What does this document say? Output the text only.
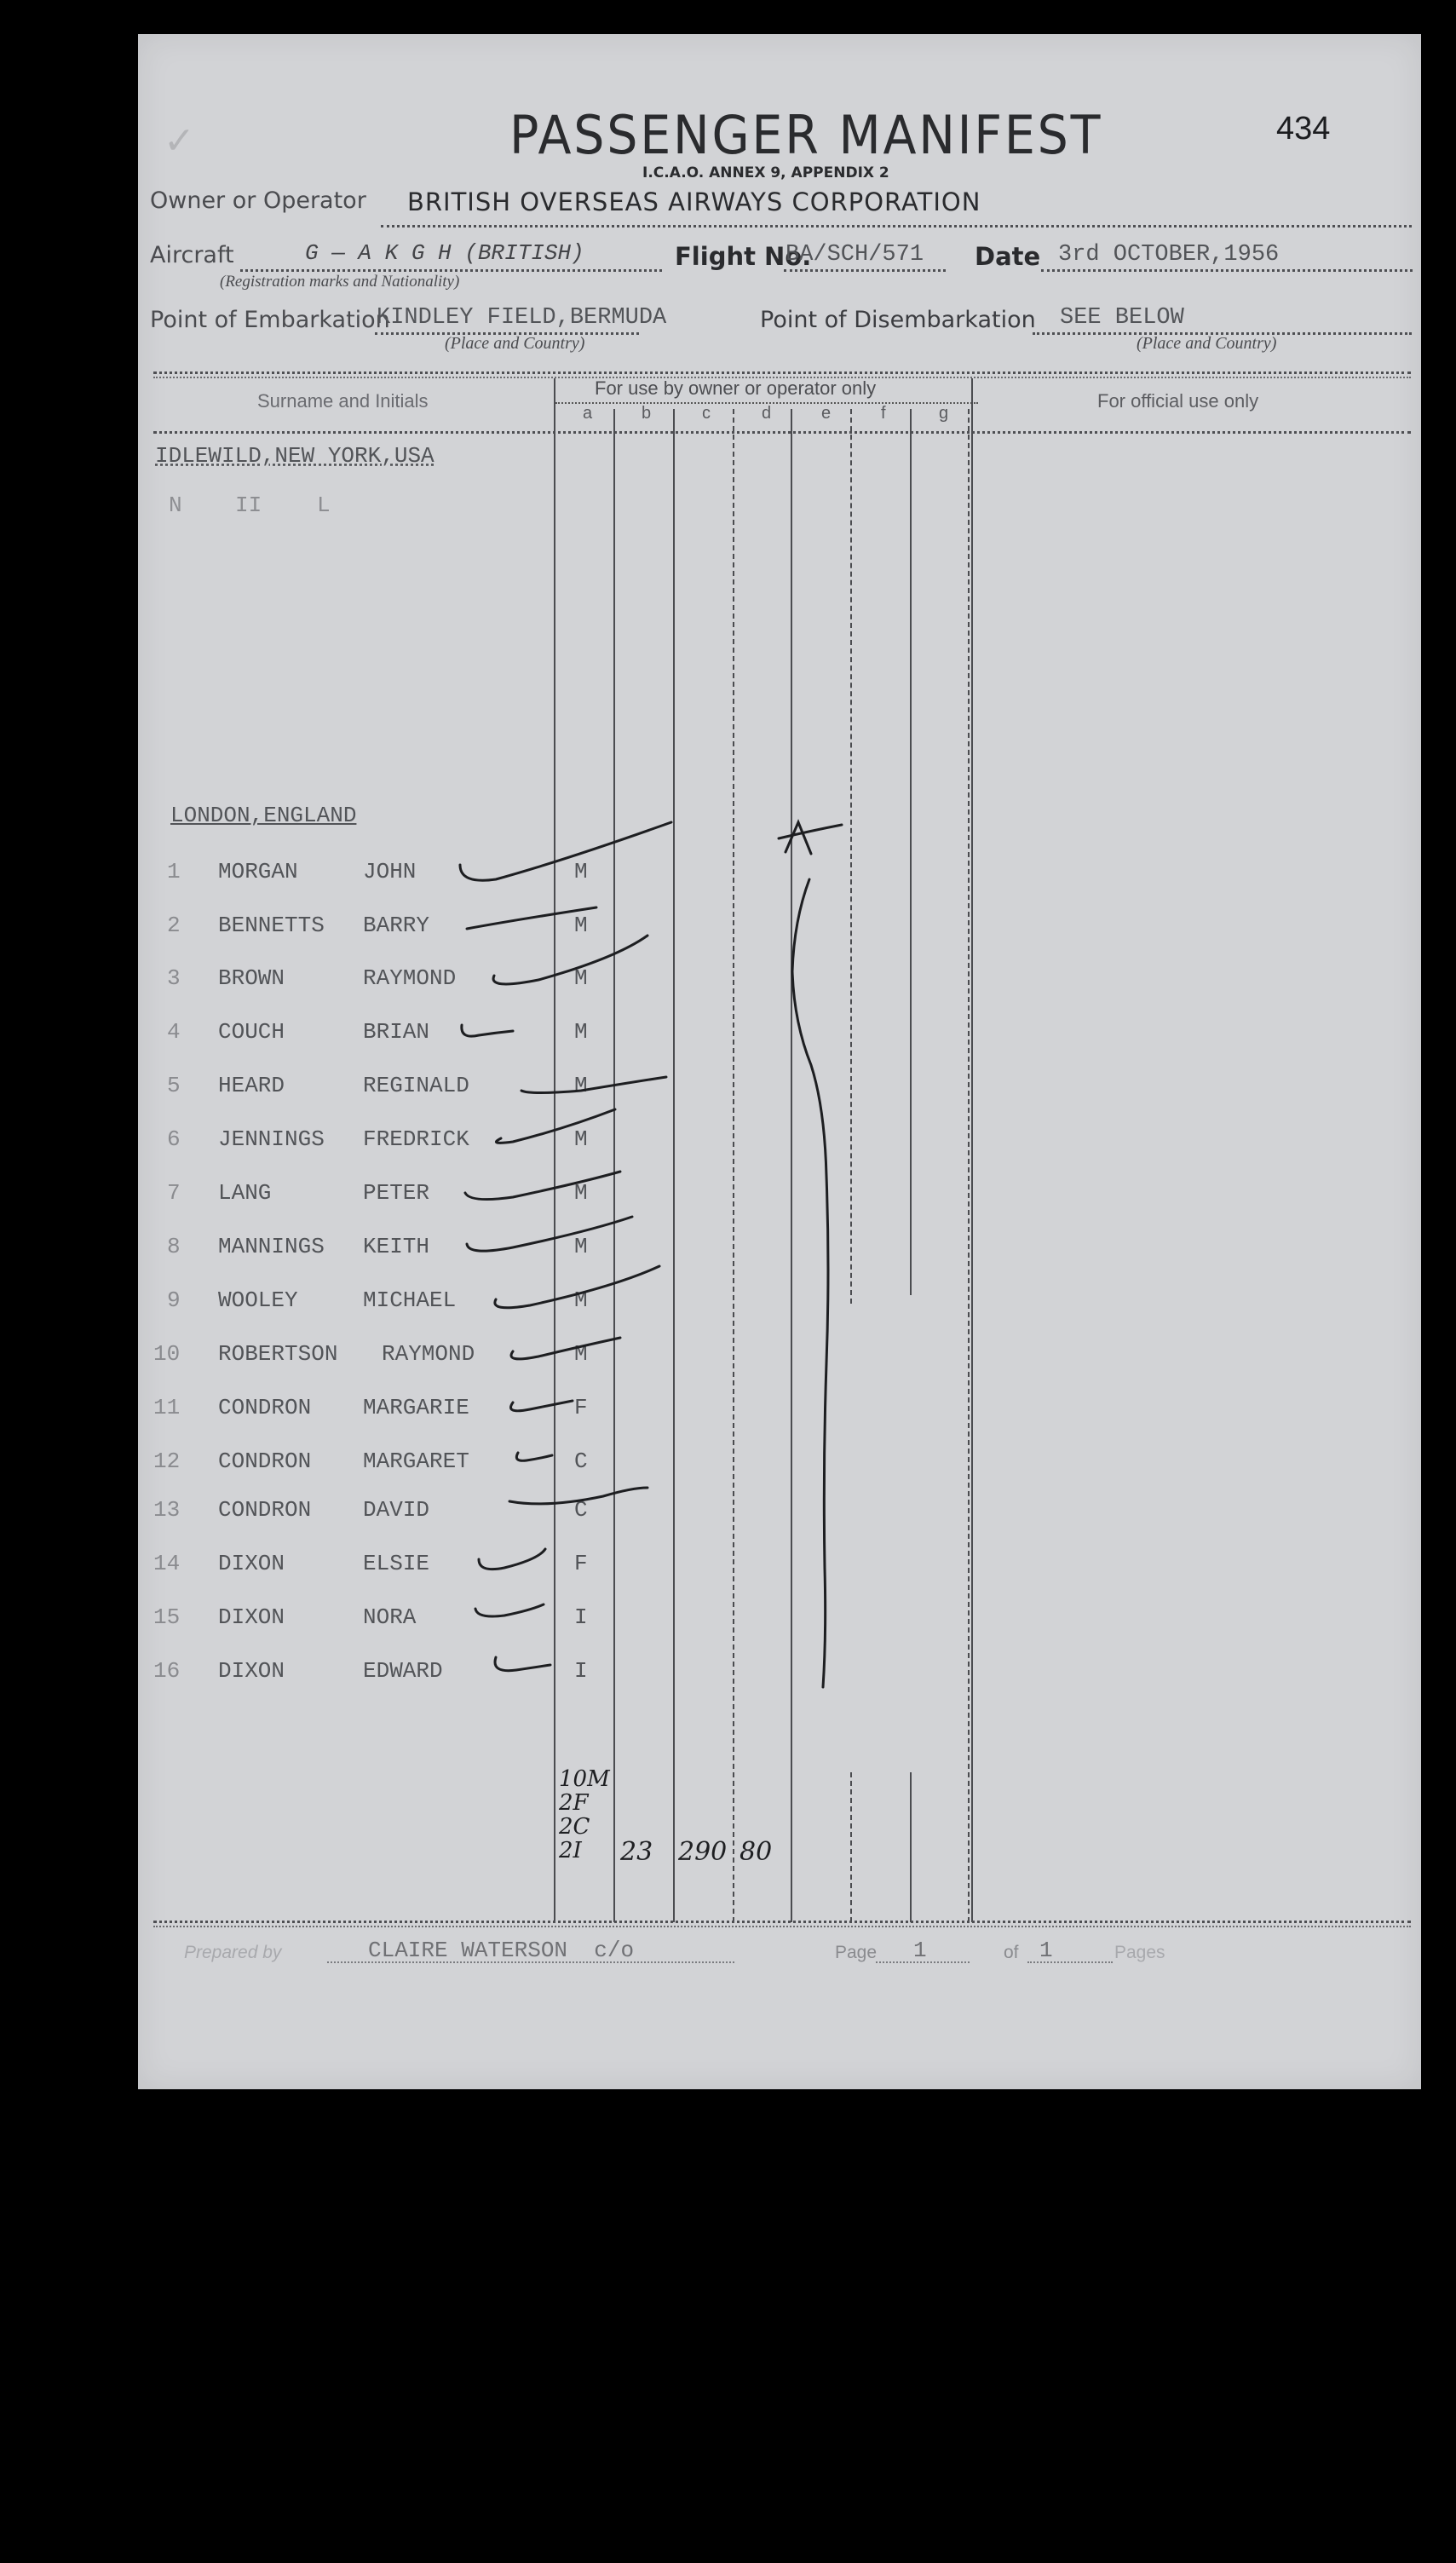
✓	PASSENGER MANIFEST
I.C.A.O. ANNEX 9, APPENDIX 2
434
Owner or Operator BRITISH OVERSEAS AIRWAYS CORPORATION
Aircraft	G — A K G H (BRITISH)
(Registration marks and Nationality)
Flight No.
BA/SCH/571 Date 3rd OCTOBER,1956
Point of Embarkation
KINDLEY FIELD,BERMUDA
(Place and Country)
Point of Disembarkation SEE BELOW
(Place and Country)
Surname and Initials
For use by owner or operator only
For official use only
a	b	c	d	e	f	g
IDLEWILD,NEW YORK,USA
N II L
LONDON,ENGLAND
1 MORGAN	JOHN	M
2 BENNETTS BARRY	M
3 BROWN	RAYMOND	M
4 COUCH	BRIAN	M
5 HEARD	REGINALD	M
6 JENNINGS FREDRICK	M
7 LANG	PETER	M
8 MANNINGS KEITH	M
9 WOOLEY	MICHAEL	M
10 ROBERTSON RAYMOND	M
11 CONDRON MARGARIE	F
12 CONDRON MARGARET	C
13 CONDRON DAVID	C
14 DIXON	ELSIE	F
15 DIXON	NORA	I
16 DIXON	EDWARD	I
10M
2F
2C
2I	23 290 80
Prepared by	CLAIRE WATERSON  c/o	Page 1	of 1	Pages
